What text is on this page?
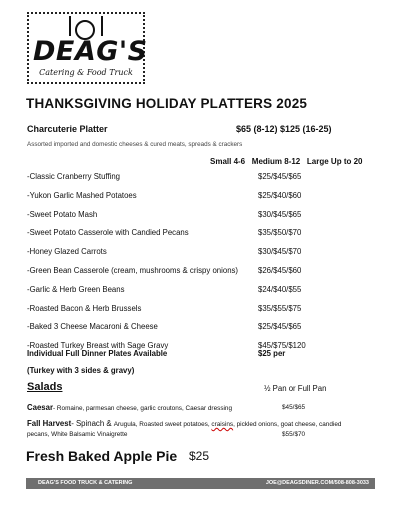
DEAG'S
Catering & Food Truck
THANKSGIVING HOLIDAY PLATTERS 2025
Charcuterie Platter	$65 (8-12) $125 (16-25)
Assorted imported and domestic cheeses & cured meats, spreads & crackers
Small 4-6   Medium 8-12   Large Up to 20
-Classic Cranberry Stuffing	$25/$45/$65
-Yukon Garlic Mashed Potatoes	$25/$40/$60
-Sweet Potato Mash	$30/$45/$65
-Sweet Potato Casserole with Candied Pecans	$35/$50/$70
-Honey Glazed Carrots	$30/$45/$70
-Green Bean Casserole (cream, mushrooms & crispy onions)	$26/$45/$60
-Garlic & Herb Green Beans	$24/$40/$55
-Roasted Bacon & Herb Brussels	$35/$55/$75
-Baked 3 Cheese Macaroni & Cheese	$25/$45/$65
-Roasted Turkey Breast with Sage Gravy	$45/$75/$120
Individual Full Dinner Plates Available	$25 per
(Turkey with 3 sides & gravy)
Salads	½ Pan or Full Pan
Caesar- Romaine, parmesan cheese, garlic croutons, Caesar dressing	$45/$65
Fall Harvest- Spinach & Arugula, Roasted sweet potatoes, craisins, pickled onions, goat cheese, candied
pecans, White Balsamic Vinaigrette	$55/$70
Fresh Baked Apple Pie $25
DEAG'S FOOD TRUCK & CATERING	JOE@DEAGSDINER.COM/508-808-3033
